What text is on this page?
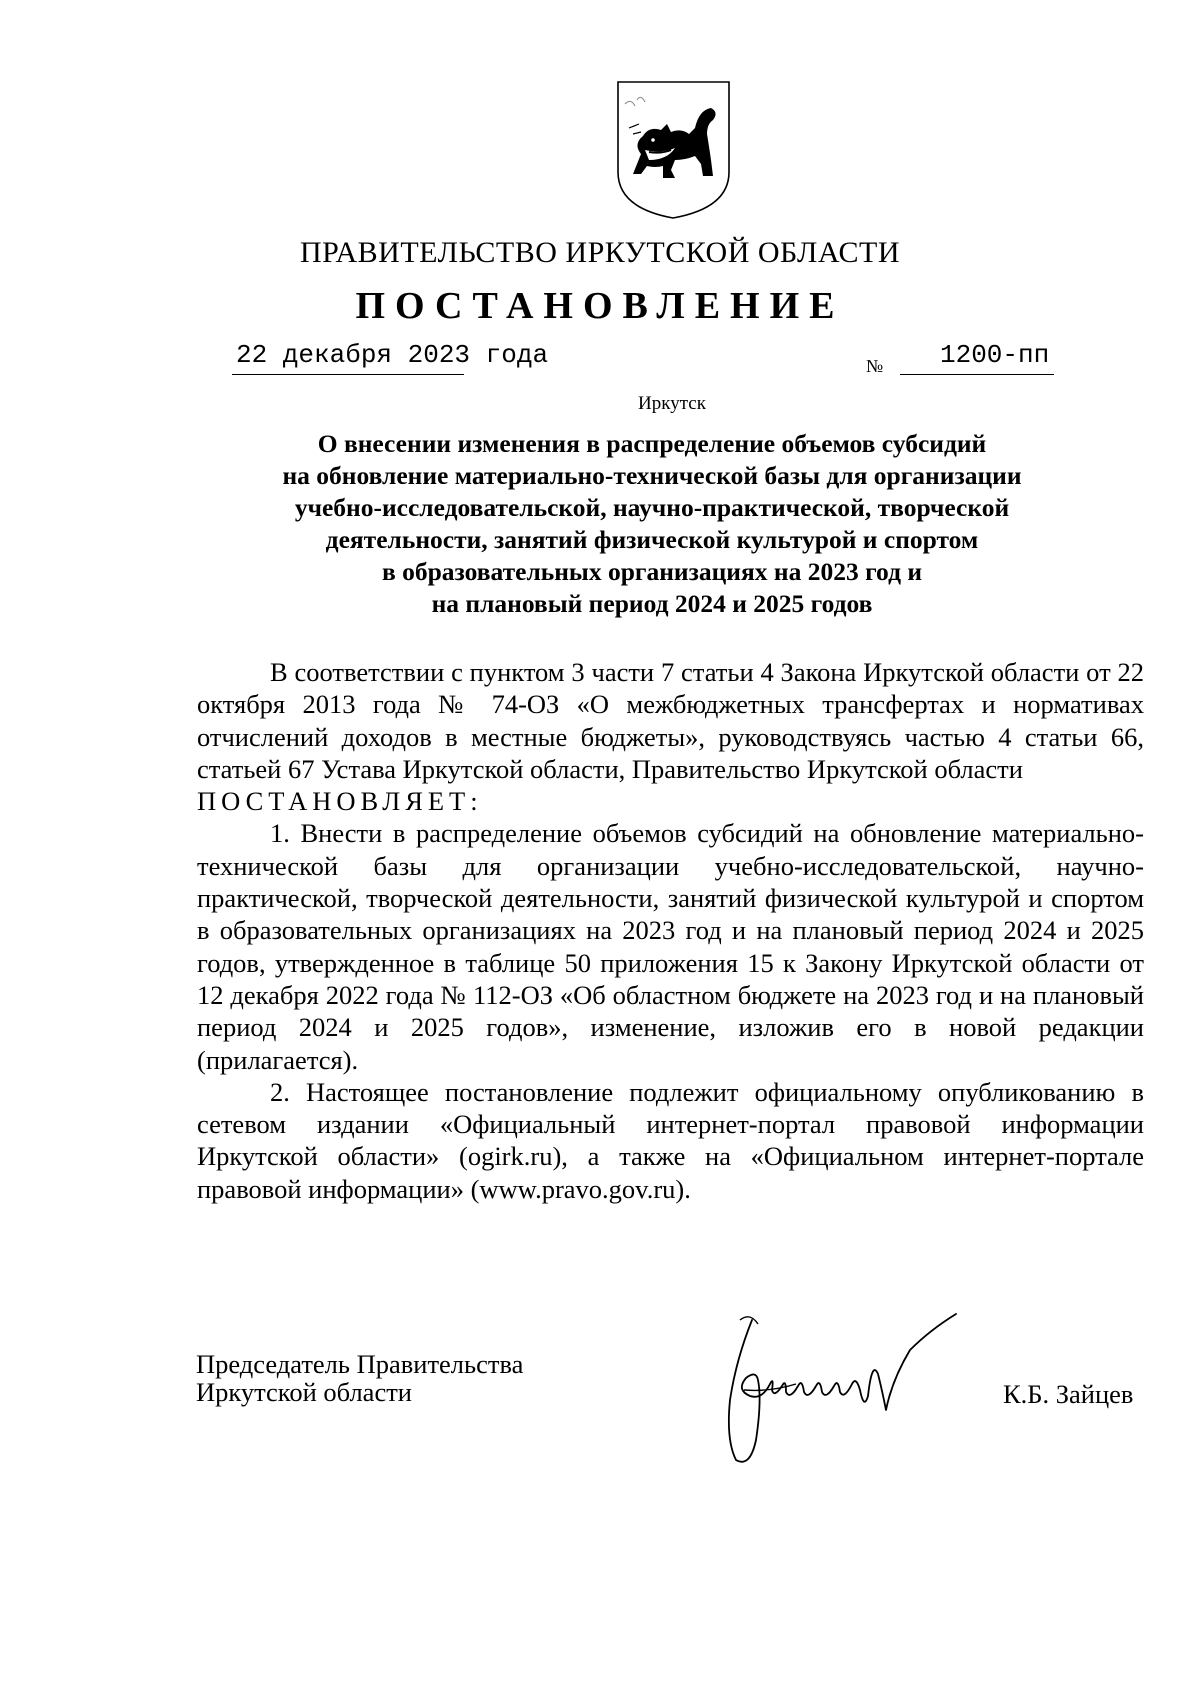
ПРАВИТЕЛЬСТВО ИРКУТСКОЙ ОБЛАСТИ
ПОСТАНОВЛЕНИЕ
22 декабря 2023 года	№ 1200-пп
Иркутск
О внесении изменения в распределение объемов субсидий
на обновление материально-технической базы для организации
учебно-исследовательской, научно-практической, творческой
деятельности, занятий физической культурой и спортом
в образовательных организациях на 2023 год и
на плановый период 2024 и 2025 годов

В соответствии с пунктом 3 части 7 статьи 4 Закона Иркутской области от 22 октября 2013 года № 74-ОЗ «О межбюджетных трансфертах и нормативах отчислений доходов в местные бюджеты», руководствуясь частью 4 статьи 66, статьей 67 Устава Иркутской области, Правительство Иркутской области

ПОСТАНОВЛЯЕТ:

1. Внести в распределение объемов субсидий на обновление материально-технической базы для организации учебно-исследовательской, научно-практической, творческой деятельности, занятий физической культурой и спортом в образовательных организациях на 2023 год и на плановый период 2024 и 2025 годов, утвержденное в таблице 50 приложения 15 к Закону Иркутской области от 12 декабря 2022 года № 112-ОЗ «Об областном бюджете на 2023 год и на плановый период 2024 и 2025 годов», изменение, изложив его в новой редакции (прилагается).

2. Настоящее постановление подлежит официальному опубликованию в сетевом издании «Официальный интернет-портал правовой информации Иркутской области» (ogirk.ru), а также на «Официальном интернет-портале правовой информации» (www.pravo.gov.ru).

Председатель Правительства
Иркутской области	К.Б. Зайцев
